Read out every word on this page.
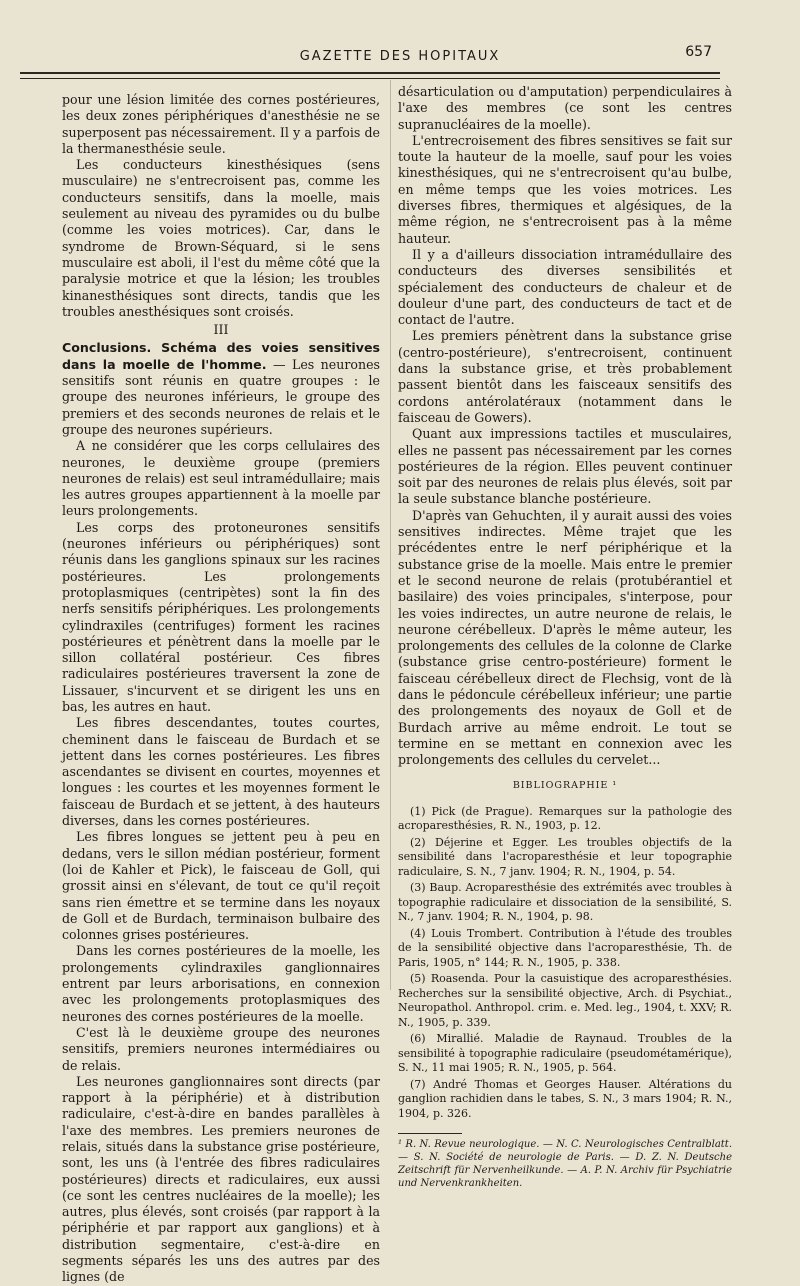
GAZETTE DES HOPITAUX	657

pour une lésion limitée des cornes postérieures, les deux zones périphériques d'anesthésie ne se superposent pas nécessairement. Il y a parfois de la thermanesthésie seule.

Les conducteurs kinesthésiques (sens musculaire) ne s'entrecroisent pas, comme les conducteurs sensitifs, dans la moelle, mais seulement au niveau des pyramides ou du bulbe (comme les voies motrices). Car, dans le syndrome de Brown-Séquard, si le sens musculaire est aboli, il l'est du même côté que la paralysie motrice et que la lésion; les troubles kinanesthésiques sont directs, tandis que les troubles anesthésiques sont croisés.

III

Conclusions. Schéma des voies sensitives dans la moelle de l'homme. — Les neurones sensitifs sont réunis en quatre groupes : le groupe des neurones inférieurs, le groupe des premiers et des seconds neurones de relais et le groupe des neurones supérieurs.

A ne considérer que les corps cellulaires des neurones, le deuxième groupe (premiers neurones de relais) est seul intramédullaire; mais les autres groupes appartiennent à la moelle par leurs prolongements.

Les corps des protoneurones sensitifs (neurones inférieurs ou périphériques) sont réunis dans les ganglions spinaux sur les racines postérieures. Les prolongements protoplasmiques (centripètes) sont la fin des nerfs sensitifs périphériques. Les prolongements cylindraxiles (centrifuges) forment les racines postérieures et pénètrent dans la moelle par le sillon collatéral postérieur. Ces fibres radiculaires postérieures traversent la zone de Lissauer, s'incurvent et se dirigent les uns en bas, les autres en haut.

Les fibres descendantes, toutes courtes, cheminent dans le faisceau de Burdach et se jettent dans les cornes postérieures. Les fibres ascendantes se divisent en courtes, moyennes et longues : les courtes et les moyennes forment le faisceau de Burdach et se jettent, à des hauteurs diverses, dans les cornes postérieures.

Les fibres longues se jettent peu à peu en dedans, vers le sillon médian postérieur, forment (loi de Kahler et Pick), le faisceau de Goll, qui grossit ainsi en s'élevant, de tout ce qu'il reçoit sans rien émettre et se termine dans les noyaux de Goll et de Burdach, terminaison bulbaire des colonnes grises postérieures.

Dans les cornes postérieures de la moelle, les prolongements cylindraxiles ganglionnaires entrent par leurs arborisations, en connexion avec les prolongements protoplasmiques des neurones des cornes postérieures de la moelle.

C'est là le deuxième groupe des neurones sensitifs, premiers neurones intermédiaires ou de relais.

Les neurones ganglionnaires sont directs (par rapport à la périphérie) et à distribution radiculaire, c'est-à-dire en bandes parallèles à l'axe des membres. Les premiers neurones de relais, situés dans la substance grise postérieure, sont, les uns (à l'entrée des fibres radiculaires postérieures) directs et radiculaires, eux aussi (ce sont les centres nucléaires de la moelle); les autres, plus élevés, sont croisés (par rapport à la périphérie et par rapport aux ganglions) et à distribution segmentaire, c'est-à-dire en segments séparés les uns des autres par des lignes (de

désarticulation ou d'amputation) perpendiculaires à l'axe des membres (ce sont les centres supranucléaires de la moelle).

L'entrecroisement des fibres sensitives se fait sur toute la hauteur de la moelle, sauf pour les voies kinesthésiques, qui ne s'entrecroisent qu'au bulbe, en même temps que les voies motrices. Les diverses fibres, thermiques et algésiques, de la même région, ne s'entrecroisent pas à la même hauteur.

Il y a d'ailleurs dissociation intramédullaire des conducteurs des diverses sensibilités et spécialement des conducteurs de chaleur et de douleur d'une part, des conducteurs de tact et de contact de l'autre.

Les premiers pénètrent dans la substance grise (centro-postérieure), s'entrecroisent, continuent dans la substance grise, et très probablement passent bientôt dans les faisceaux sensitifs des cordons antérolatéraux (notamment dans le faisceau de Gowers).

Quant aux impressions tactiles et musculaires, elles ne passent pas nécessairement par les cornes postérieures de la région. Elles peuvent continuer soit par des neurones de relais plus élevés, soit par la seule substance blanche postérieure.

D'après van Gehuchten, il y aurait aussi des voies sensitives indirectes. Même trajet que les précédentes entre le nerf périphérique et la substance grise de la moelle. Mais entre le premier et le second neurone de relais (protubérantiel et basilaire) des voies principales, s'interpose, pour les voies indirectes, un autre neurone de relais, le neurone cérébelleux. D'après le même auteur, les prolongements des cellules de la colonne de Clarke (substance grise centro-postérieure) forment le faisceau cérébelleux direct de Flechsig, vont de là dans le pédoncule cérébelleux inférieur; une partie des prolongements des noyaux de Goll et de Burdach arrive au même endroit. Le tout se termine en se mettant en connexion avec les prolongements des cellules du cervelet...

BIBLIOGRAPHIE ¹

(1) Pick (de Prague). Remarques sur la pathologie des acroparesthésies, R. N., 1903, p. 12.

(2) Déjerine et Egger. Les troubles objectifs de la sensibilité dans l'acroparesthésie et leur topographie radiculaire, S. N., 7 janv. 1904; R. N., 1904, p. 54.

(3) Baup. Acroparesthésie des extrémités avec troubles à topographie radiculaire et dissociation de la sensibilité, S. N., 7 janv. 1904; R. N., 1904, p. 98.

(4) Louis Trombert. Contribution à l'étude des troubles de la sensibilité objective dans l'acroparesthésie, Th. de Paris, 1905, n° 144; R. N., 1905, p. 338.

(5) Roasenda. Pour la casuistique des acroparesthésies. Recherches sur la sensibilité objective, Arch. di Psychiat., Neuropathol. Anthropol. crim. e. Med. leg., 1904, t. XXV; R. N., 1905, p. 339.

(6) Mirallié. Maladie de Raynaud. Troubles de la sensibilité à topographie radiculaire (pseudométamérique), S. N., 11 mai 1905; R. N., 1905, p. 564.

(7) André Thomas et Georges Hauser. Altérations du ganglion rachidien dans le tabes, S. N., 3 mars 1904; R. N., 1904, p. 326.

¹ R. N. Revue neurologique. — N. C. Neurologisches Centralblatt. — S. N. Société de neurologie de Paris. — D. Z. N. Deutsche Zeitschrift für Nervenheilkunde. — A. P. N. Archiv für Psychiatrie und Nervenkrankheiten.
